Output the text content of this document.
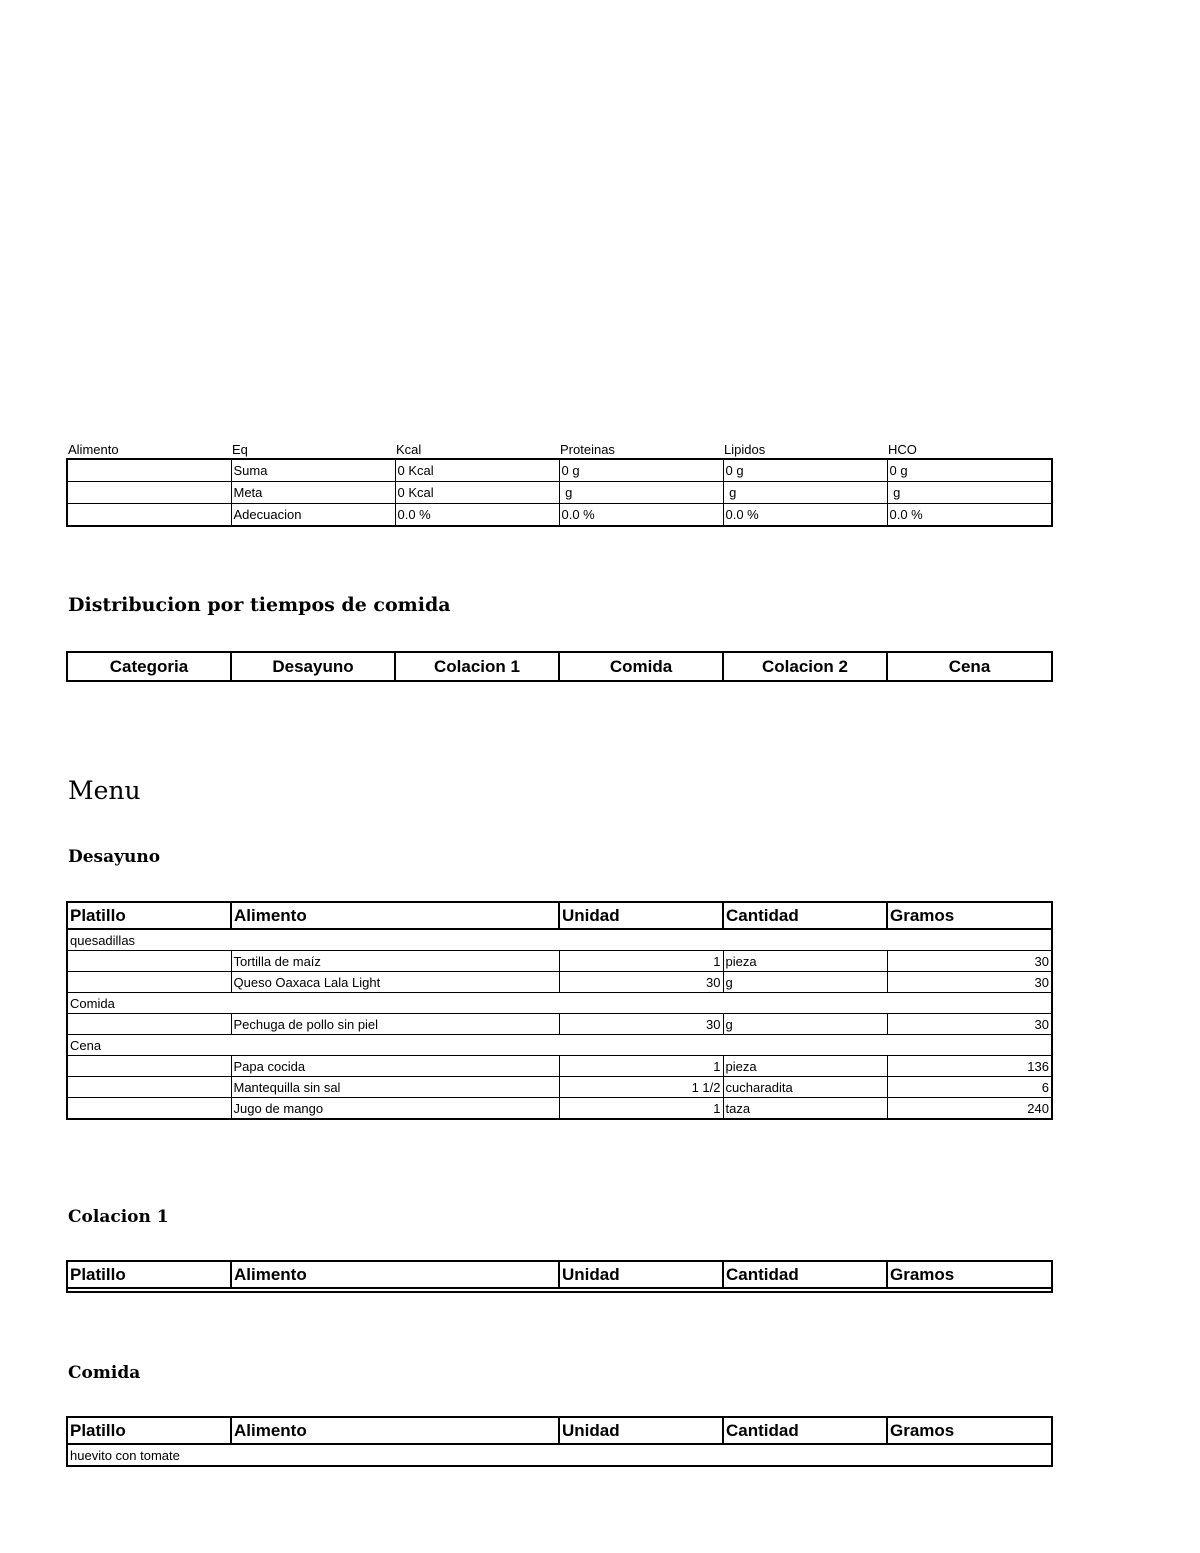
Alimento	Eq	Kcal	Proteinas	Lipidos	HCO
	Suma	0 Kcal	0 g	0 g	0 g
	Meta	0 Kcal	g	g	g
	Adecuacion	0.0 %	0.0 %	0.0 %	0.0 %
Distribucion por tiempos de comida
Categoria	Desayuno	Colacion 1	Comida	Colacion 2	Cena
Menu
Desayuno
Platillo	Alimento	Unidad	Cantidad	Gramos
quesadillas				
	Tortilla de maíz	1	pieza	30
	Queso Oaxaca Lala Light	30	g	30
Comida				
	Pechuga de pollo sin piel	30	g	30
Cena				
	Papa cocida	1	pieza	136
	Mantequilla sin sal	1 1/2	cucharadita	6
	Jugo de mango	1	taza	240
Colacion 1
Platillo	Alimento	Unidad	Cantidad	Gramos

Comida
Platillo	Alimento	Unidad	Cantidad	Gramos
huevito con tomate
